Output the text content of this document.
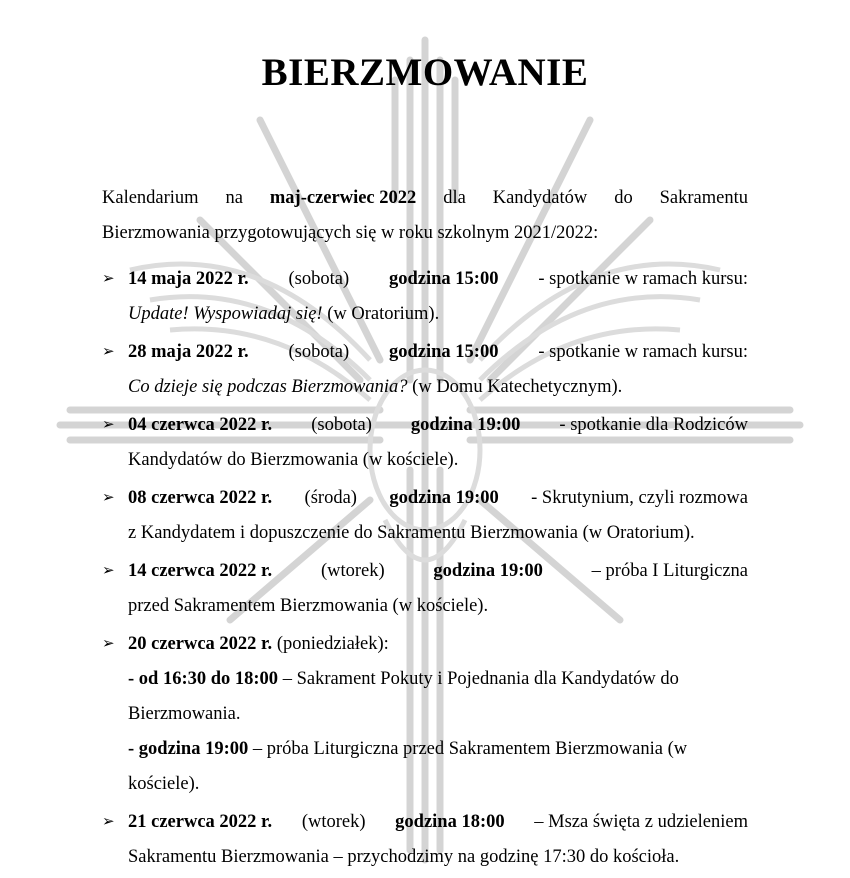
BIERZMOWANIE
Kalendarium na maj-czerwiec 2022 dla Kandydatów do Sakramentu
Bierzmowania przygotowujących się w roku szkolnym 2021/2022:
➢ 14 maja 2022 r. (sobota) godzina 15:00 - spotkanie w ramach kursu:
Update! Wyspowiadaj się! (w Oratorium).
➢ 28 maja 2022 r. (sobota) godzina 15:00 - spotkanie w ramach kursu:
Co dzieje się podczas Bierzmowania? (w Domu Katechetycznym).
➢ 04 czerwca 2022 r. (sobota) godzina 19:00 - spotkanie dla Rodziców
Kandydatów do Bierzmowania (w kościele).
➢ 08 czerwca 2022 r. (środa) godzina 19:00 - Skrutynium, czyli rozmowa
z Kandydatem i dopuszczenie do Sakramentu Bierzmowania (w Oratorium).
➢ 14 czerwca 2022 r.	(wtorek)	godzina 19:00	– próba I Liturgiczna
przed Sakramentem Bierzmowania (w kościele).
➢ 20 czerwca 2022 r. (poniedziałek):
- od 16:30 do 18:00 – Sakrament Pokuty i Pojednania dla Kandydatów do
Bierzmowania.
- godzina 19:00 – próba Liturgiczna przed Sakramentem Bierzmowania (w
kościele).
➢ 21 czerwca 2022 r. (wtorek) godzina 18:00 – Msza święta z udzieleniem
Sakramentu Bierzmowania – przychodzimy na godzinę 17:30 do kościoła.
